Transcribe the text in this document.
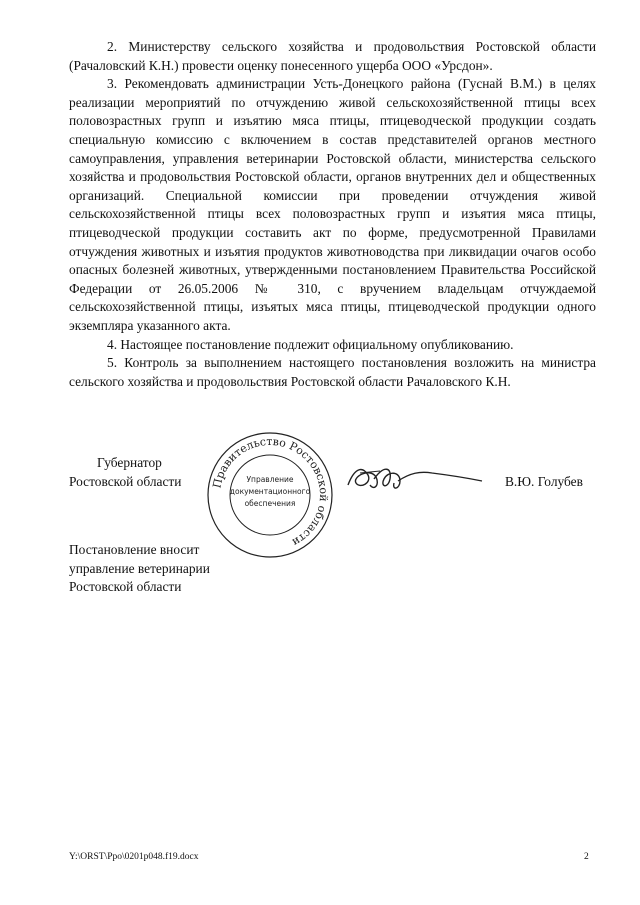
2. Министерству сельского хозяйства и продовольствия Ростовской области (Рачаловский К.Н.) провести оценку понесенного ущерба ООО «Урсдон».

3. Рекомендовать администрации Усть-Донецкого района (Гуснай В.М.) в целях реализации мероприятий по отчуждению живой сельскохозяйственной птицы всех половозрастных групп и изъятию мяса птицы, птицеводческой продукции создать специальную комиссию с включением в состав представителей органов местного самоуправления, управления ветеринарии Ростовской области, министерства сельского хозяйства и продовольствия Ростовской области, органов внутренних дел и общественных организаций. Специальной комиссии при проведении отчуждения живой сельскохозяйственной птицы всех половозрастных групп и изъятия мяса птицы, птицеводческой продукции составить акт по форме, предусмотренной Правилами отчуждения животных и изъятия продуктов животноводства при ликвидации очагов особо опасных болезней животных, утвержденными постановлением Правительства Российской Федерации от 26.05.2006 № 310, с вручением владельцам отчуждаемой сельскохозяйственной птицы, изъятых мяса птицы, птицеводческой продукции одного экземпляра указанного акта.

4. Настоящее постановление подлежит официальному опубликованию.

5. Контроль за выполнением настоящего постановления возложить на министра сельского хозяйства и продовольствия Ростовской области Рачаловского К.Н.

Губернатор
Ростовской области	Правительство Ростовской области
Управление
документационного
обеспечения
В.Ю. Голубев
Постановление вносит
управление ветеринарии
Ростовской области
Y:\ORST\Ppo\0201p048.f19.docx	2
